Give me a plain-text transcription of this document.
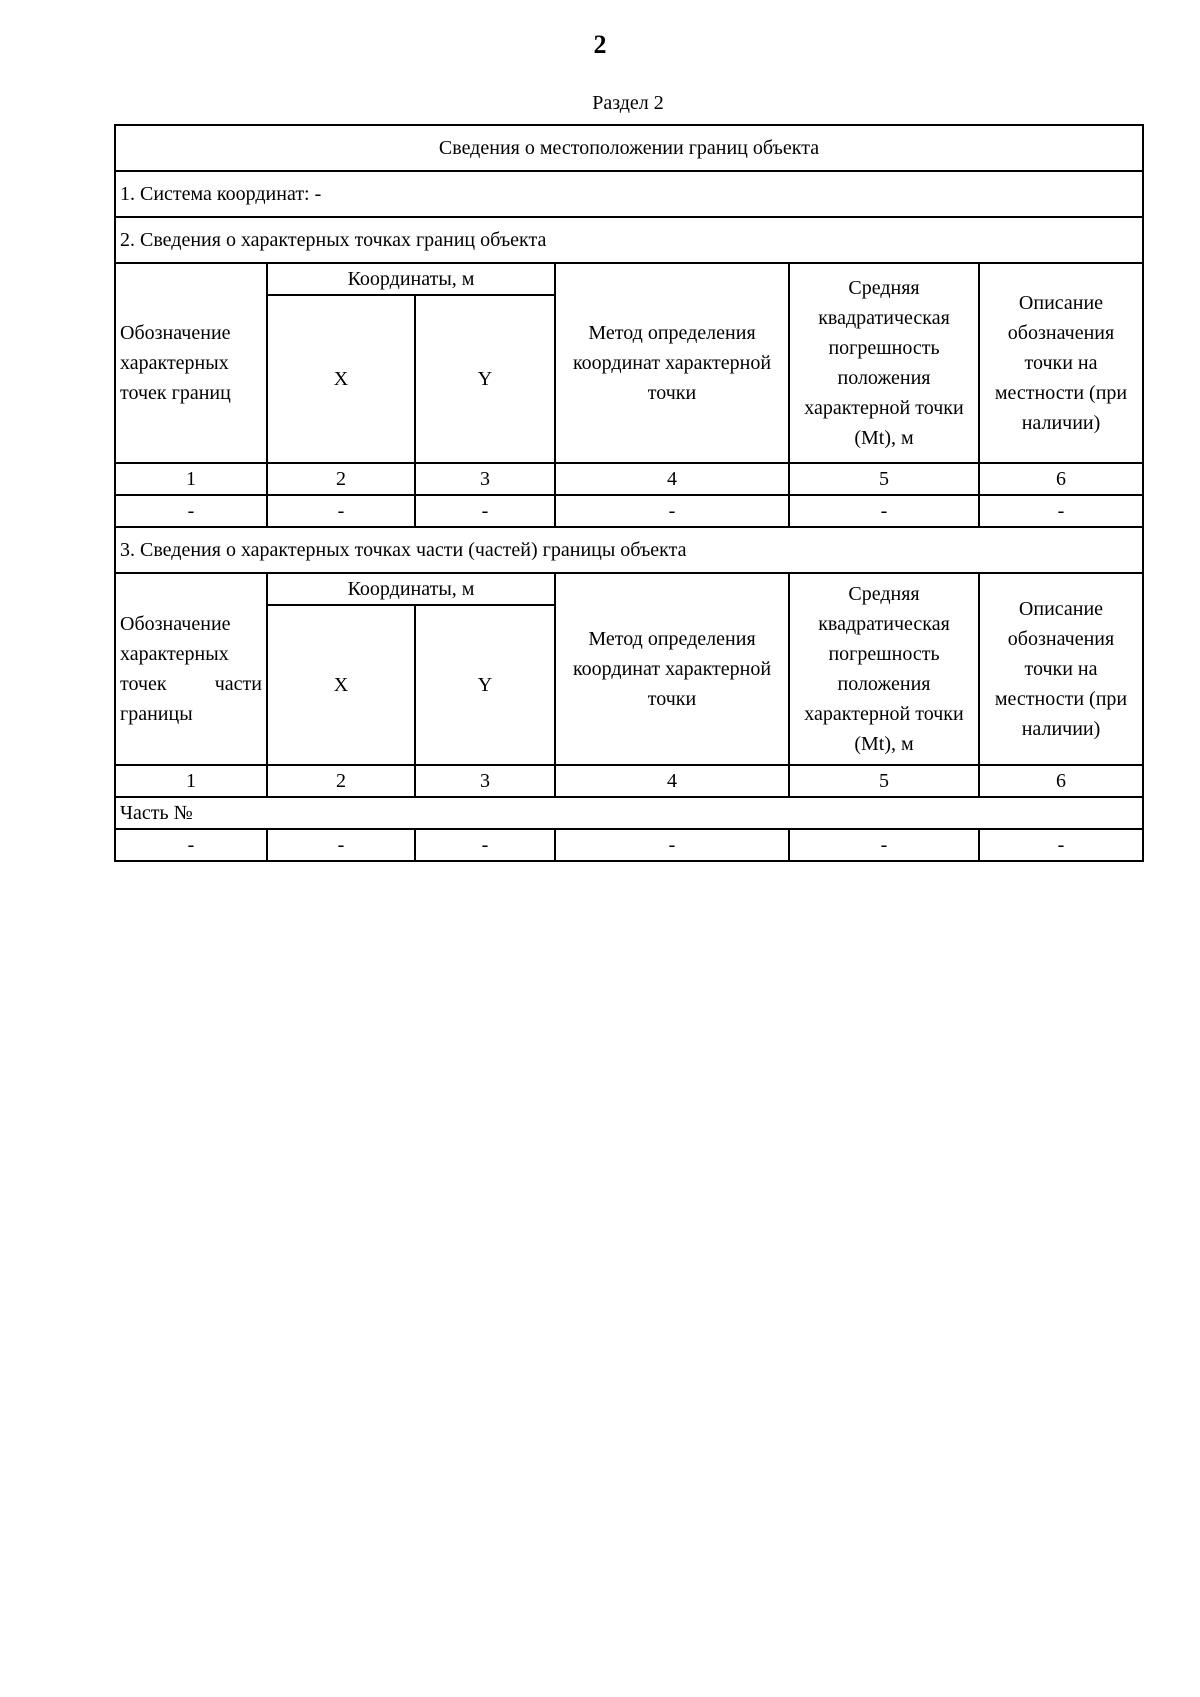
2
Раздел 2
Сведения о местоположении границ объекта					
1. Система координат: -					
2. Сведения о характерных точках границ объекта					
Обозначение характерных точек границ	Координаты, м		Метод определения координат характерной точки	Средняя квадратическая погрешность положения характерной точки (Mt), м	Описание обозначения точки на местности (при наличии)
	X	Y			
1	2	3	4	5	6
-	-	-	-	-	-
3. Сведения о характерных точках части (частей) границы объекта					
Обозначение характерных точек части границы	Координаты, м		Метод определения координат характерной точки	Средняя квадратическая погрешность положения характерной точки (Mt), м	Описание обозначения точки на местности (при наличии)
	X	Y			
1	2	3	4	5	6
Часть №					
-	-	-	-	-	-
